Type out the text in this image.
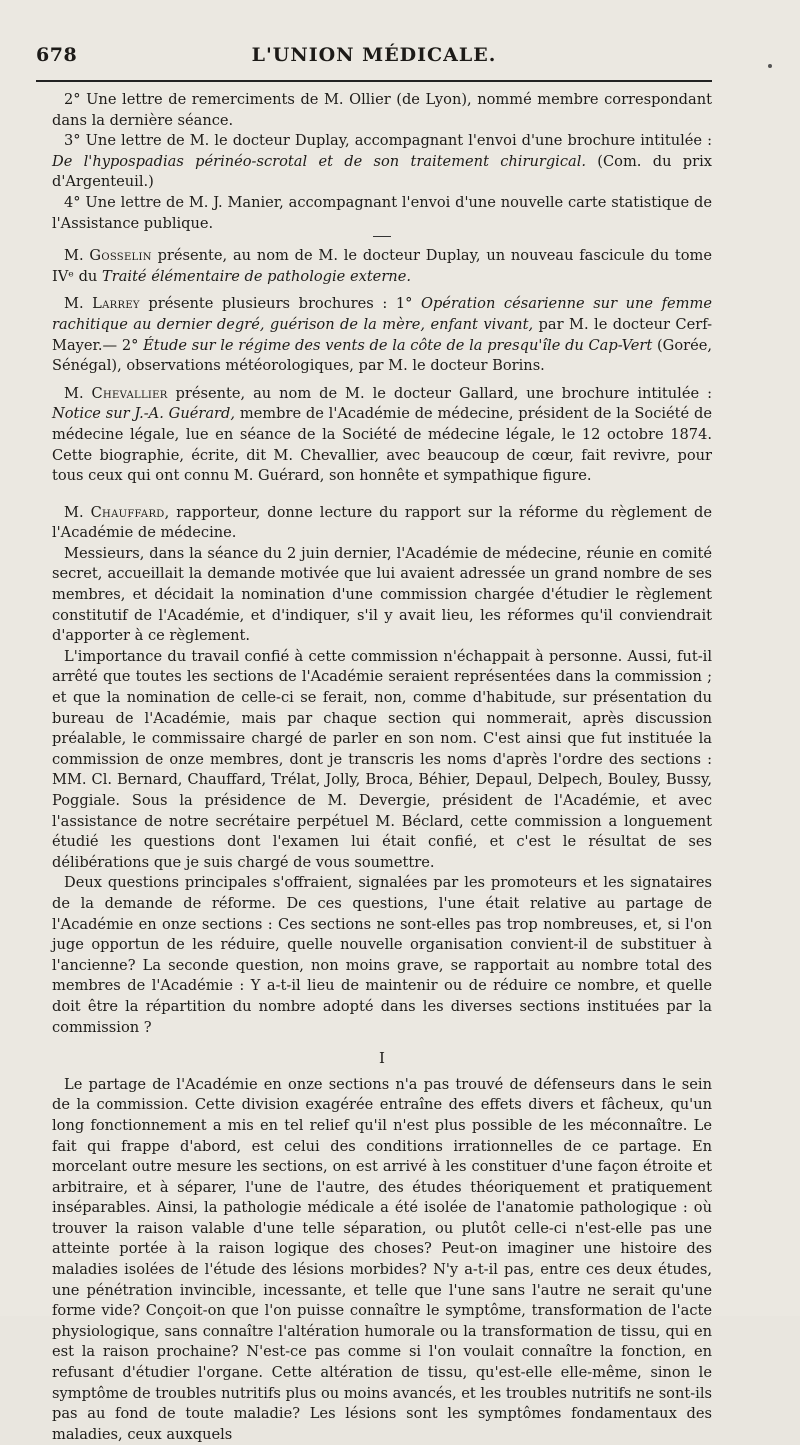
678	L'UNION MÉDICALE.

2° Une lettre de remerciments de M. Ollier (de Lyon), nommé membre correspondant dans la dernière séance.

3° Une lettre de M. le docteur Duplay, accompagnant l'envoi d'une brochure intitulée : De l'hypospadias périnéo-scrotal et de son traitement chirurgical. (Com. du prix d'Argenteuil.)

4° Une lettre de M. J. Manier, accompagnant l'envoi d'une nouvelle carte statistique de l'Assistance publique.

M. Gosselin présente, au nom de M. le docteur Duplay, un nouveau fascicule du tome IVᵉ du Traité élémentaire de pathologie externe.

M. Larrey présente plusieurs brochures : 1° Opération césarienne sur une femme rachitique au dernier degré, guérison de la mère, enfant vivant, par M. le docteur Cerf-Mayer.— 2° Étude sur le régime des vents de la côte de la presqu'île du Cap-Vert (Gorée, Sénégal), observations météorologiques, par M. le docteur Borins.

M. Chevallier présente, au nom de M. le docteur Gallard, une brochure intitulée : Notice sur J.-A. Guérard, membre de l'Académie de médecine, président de la Société de médecine légale, lue en séance de la Société de médecine légale, le 12 octobre 1874. Cette biographie, écrite, dit M. Chevallier, avec beaucoup de cœur, fait revivre, pour tous ceux qui ont connu M. Guérard, son honnête et sympathique figure.

M. Chauffard, rapporteur, donne lecture du rapport sur la réforme du règlement de l'Académie de médecine.

Messieurs, dans la séance du 2 juin dernier, l'Académie de médecine, réunie en comité secret, accueillait la demande motivée que lui avaient adressée un grand nombre de ses membres, et décidait la nomination d'une commission chargée d'étudier le règlement constitutif de l'Académie, et d'indiquer, s'il y avait lieu, les réformes qu'il conviendrait d'apporter à ce règlement.

L'importance du travail confié à cette commission n'échappait à personne. Aussi, fut-il arrêté que toutes les sections de l'Académie seraient représentées dans la commission ; et que la nomination de celle-ci se ferait, non, comme d'habitude, sur présentation du bureau de l'Académie, mais par chaque section qui nommerait, après discussion préalable, le commissaire chargé de parler en son nom. C'est ainsi que fut instituée la commission de onze membres, dont je transcris les noms d'après l'ordre des sections : MM. Cl. Bernard, Chauffard, Trélat, Jolly, Broca, Béhier, Depaul, Delpech, Bouley, Bussy, Poggiale. Sous la présidence de M. Devergie, président de l'Académie, et avec l'assistance de notre secrétaire perpétuel M. Béclard, cette commission a longuement étudié les questions dont l'examen lui était confié, et c'est le résultat de ses délibérations que je suis chargé de vous soumettre.

Deux questions principales s'offraient, signalées par les promoteurs et les signataires de la demande de réforme. De ces questions, l'une était relative au partage de l'Académie en onze sections : Ces sections ne sont-elles pas trop nombreuses, et, si l'on juge opportun de les réduire, quelle nouvelle organisation convient-il de substituer à l'ancienne? La seconde question, non moins grave, se rapportait au nombre total des membres de l'Académie : Y a-t-il lieu de maintenir ou de réduire ce nombre, et quelle doit être la répartition du nombre adopté dans les diverses sections instituées par la commission ?

I

Le partage de l'Académie en onze sections n'a pas trouvé de défenseurs dans le sein de la commission. Cette division exagérée entraîne des effets divers et fâcheux, qu'un long fonctionnement a mis en tel relief qu'il n'est plus possible de les méconnaître. Le fait qui frappe d'abord, est celui des conditions irrationnelles de ce partage. En morcelant outre mesure les sections, on est arrivé à les constituer d'une façon étroite et arbitraire, et à séparer, l'une de l'autre, des études théoriquement et pratiquement inséparables. Ainsi, la pathologie médicale a été isolée de l'anatomie pathologique : où trouver la raison valable d'une telle séparation, ou plutôt celle-ci n'est-elle pas une atteinte portée à la raison logique des choses? Peut-on imaginer une histoire des maladies isolées de l'étude des lésions morbides? N'y a-t-il pas, entre ces deux études, une pénétration invincible, incessante, et telle que l'une sans l'autre ne serait qu'une forme vide? Conçoit-on que l'on puisse connaître le symptôme, transformation de l'acte physiologique, sans connaître l'altération humorale ou la transformation de tissu, qui en est la raison prochaine? N'est-ce pas comme si l'on voulait connaître la fonction, en refusant d'étudier l'organe. Cette altération de tissu, qu'est-elle elle-même, sinon le symptôme de troubles nutritifs plus ou moins avancés, et les troubles nutritifs ne sont-ils pas au fond de toute maladie? Les lésions sont les symptômes fondamentaux des maladies, ceux auxquels
